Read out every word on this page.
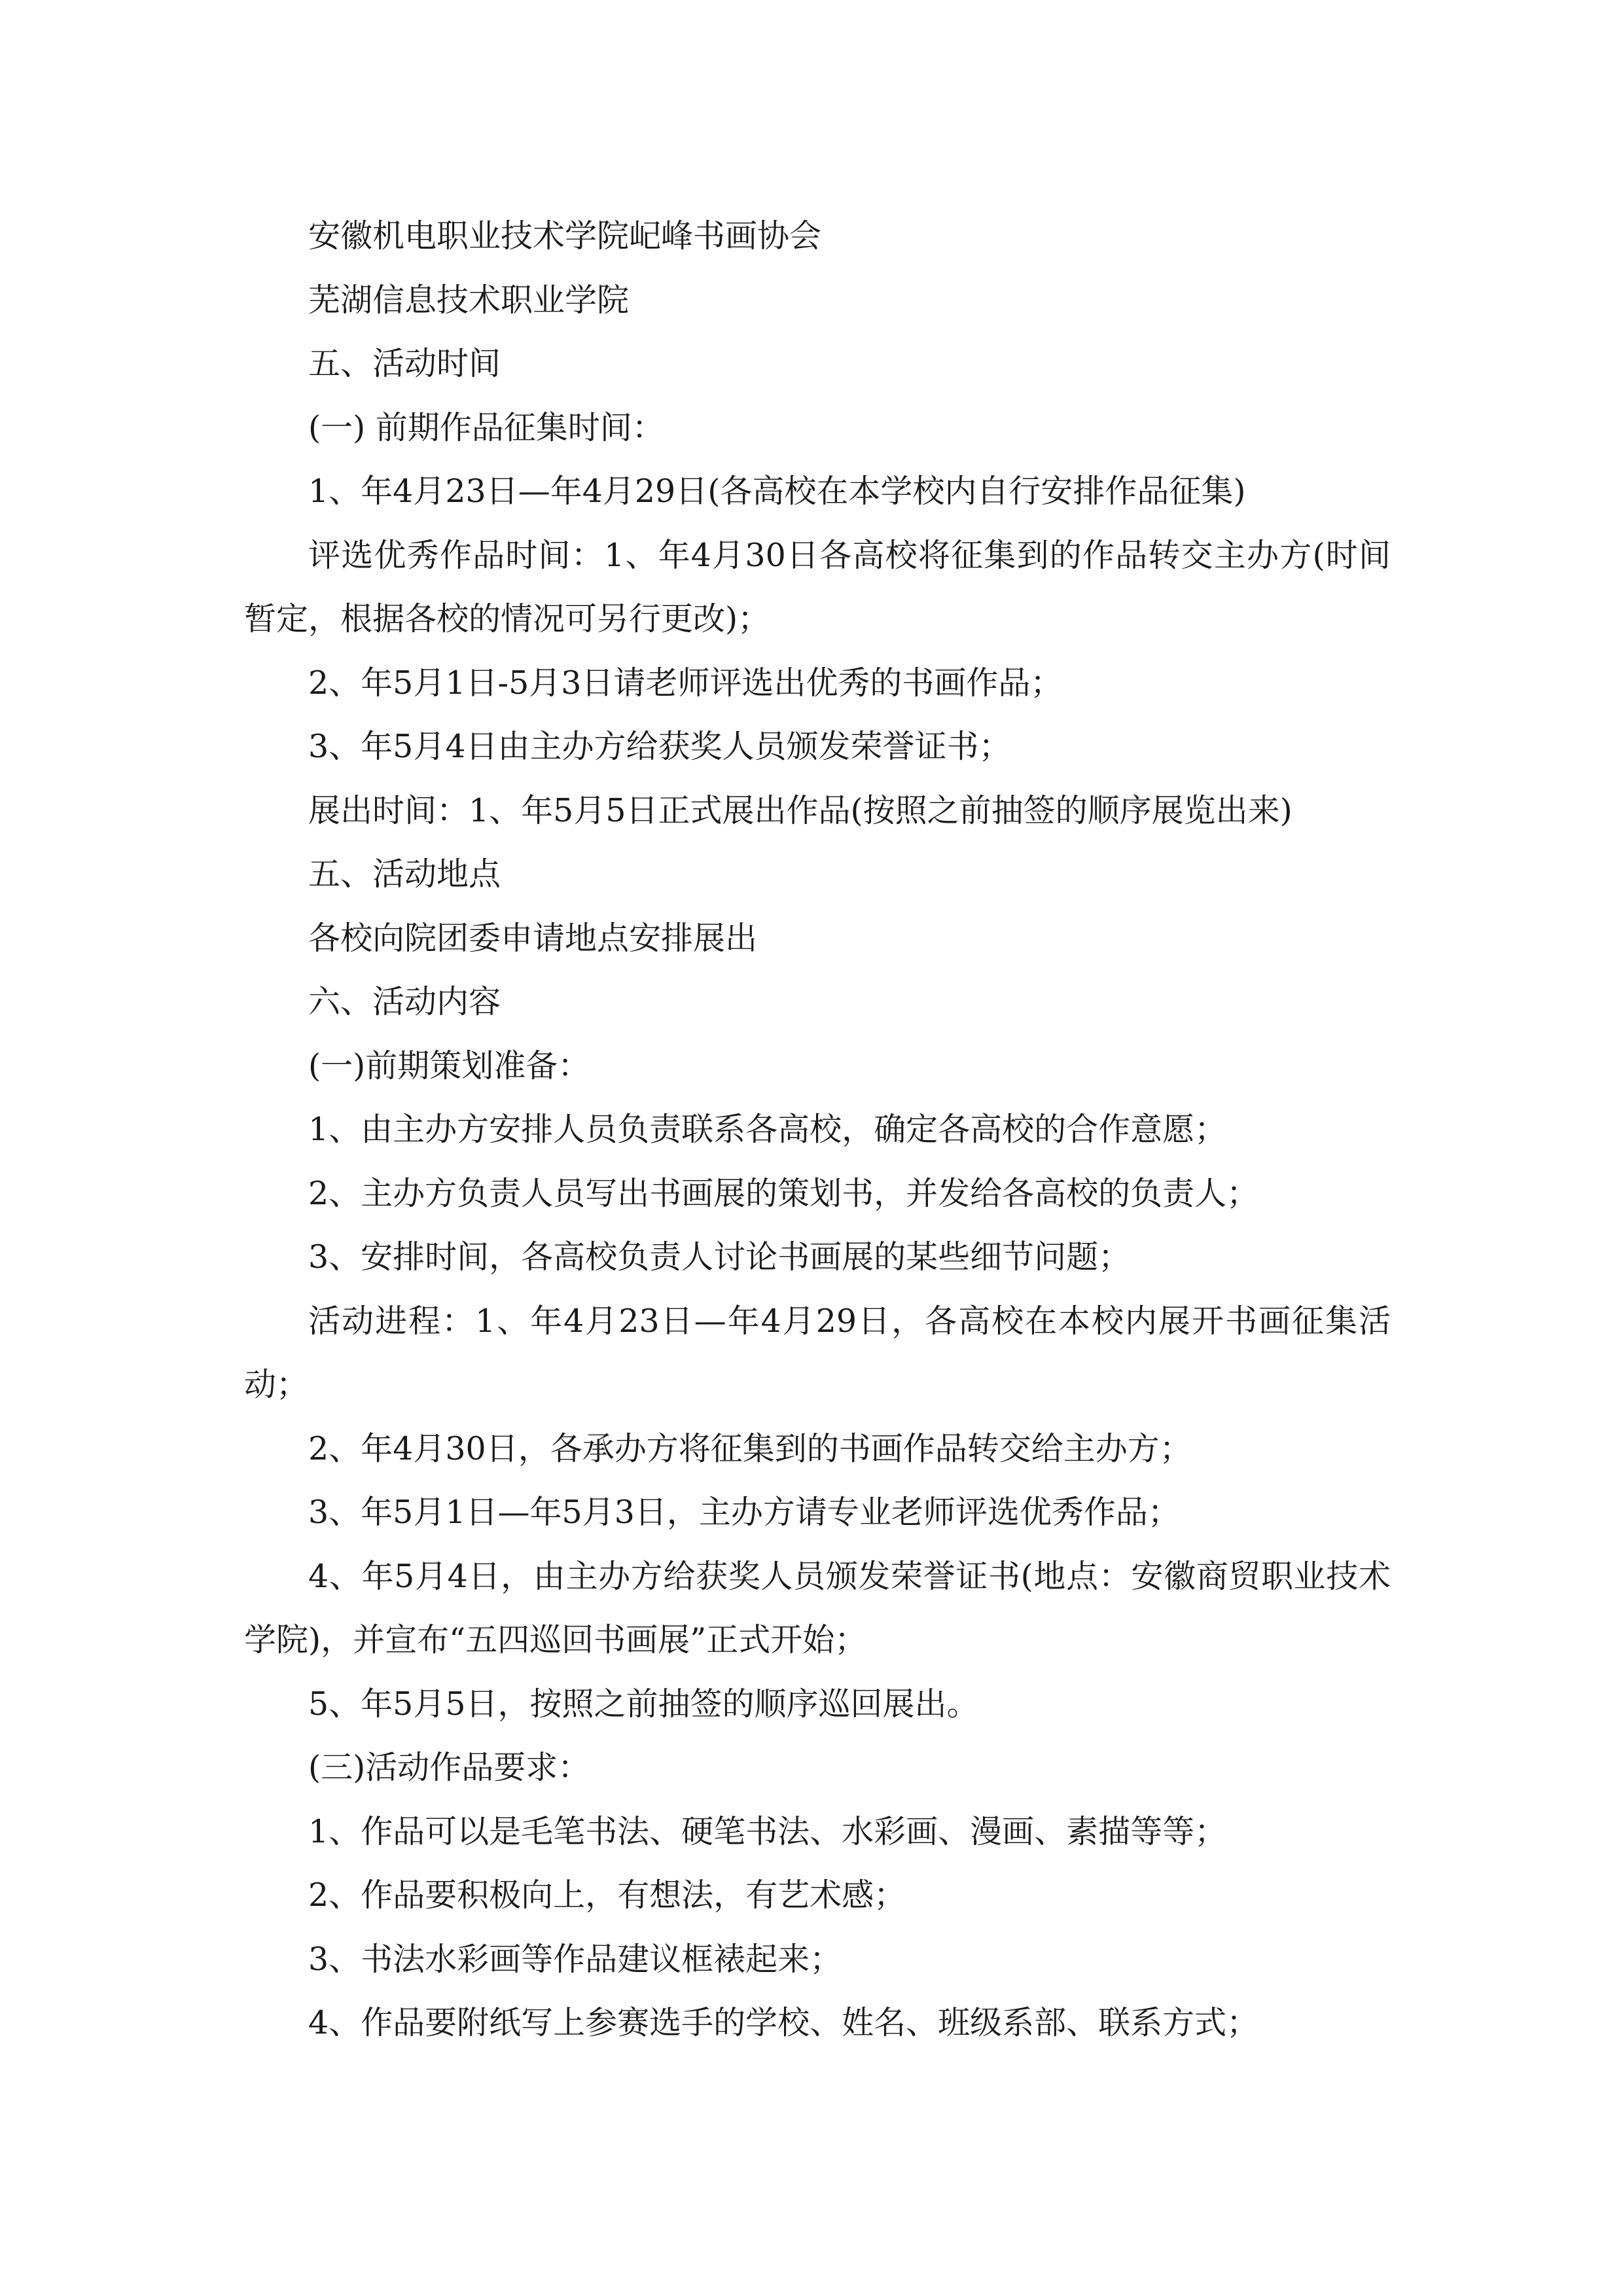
安徽机电职业技术学院屺峰书画协会

芜湖信息技术职业学院

五、活动时间

(一) 前期作品征集时间：

1、年4月23日—年4月29日(各高校在本学校内自行安排作品征集)

评选优秀作品时间：1、年4月30日各高校将征集到的作品转交主办方(时间暂定，根据各校的情况可另行更改)；

2、年5月1日-5月3日请老师评选出优秀的书画作品；

3、年5月4日由主办方给获奖人员颁发荣誉证书；

展出时间：1、年5月5日正式展出作品(按照之前抽签的顺序展览出来)

五、活动地点

各校向院团委申请地点安排展出

六、活动内容

(一)前期策划准备：

1、由主办方安排人员负责联系各高校，确定各高校的合作意愿；

2、主办方负责人员写出书画展的策划书，并发给各高校的负责人；

3、安排时间，各高校负责人讨论书画展的某些细节问题；

活动进程：1、年4月23日—年4月29日，各高校在本校内展开书画征集活动；

2、年4月30日，各承办方将征集到的书画作品转交给主办方；

3、年5月1日—年5月3日，主办方请专业老师评选优秀作品；

4、年5月4日，由主办方给获奖人员颁发荣誉证书(地点：安徽商贸职业技术学院)，并宣布“五四巡回书画展”正式开始；

5、年5月5日，按照之前抽签的顺序巡回展出。

(三)活动作品要求：

1、作品可以是毛笔书法、硬笔书法、水彩画、漫画、素描等等；

2、作品要积极向上，有想法，有艺术感；

3、书法水彩画等作品建议框裱起来；

4、作品要附纸写上参赛选手的学校、姓名、班级系部、联系方式；
